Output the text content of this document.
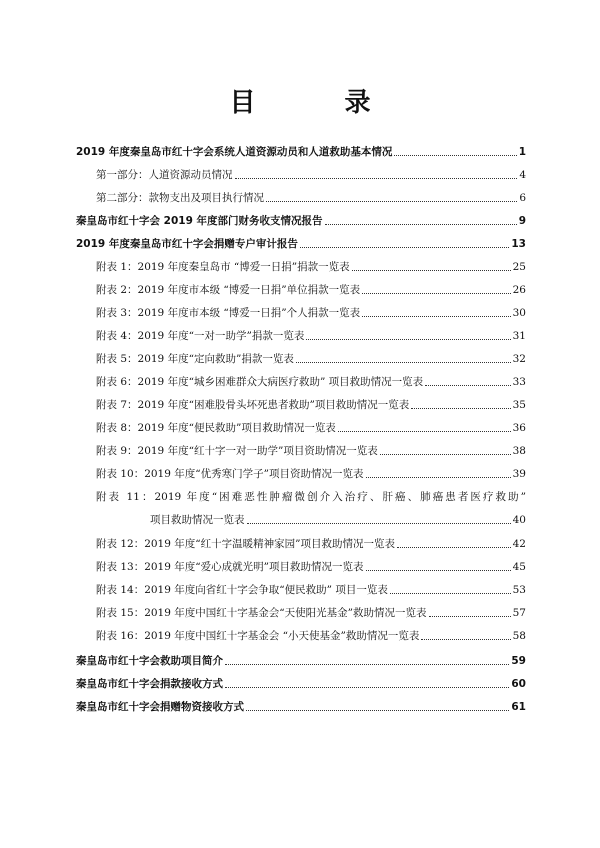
目 录
2019 年度秦皇岛市红十字会系统人道资源动员和人道救助基本情况	1
第一部分：人道资源动员情况	4
第二部分：款物支出及项目执行情况	6
秦皇岛市红十字会 2019 年度部门财务收支情况报告	9
2019 年度秦皇岛市红十字会捐赠专户审计报告	13
附表 1：2019 年度秦皇岛市 “博爱一日捐”捐款一览表	25
附表 2：2019 年度市本级 “博爱一日捐”单位捐款一览表	26
附表 3：2019 年度市本级 “博爱一日捐”个人捐款一览表	30
附表 4：2019 年度“一对一助学”捐款一览表	31
附表 5：2019 年度“定向救助”捐款一览表	32
附表 6：2019 年度“城乡困难群众大病医疗救助” 项目救助情况一览表	33
附表 7：2019 年度“困难股骨头坏死患者救助”项目救助情况一览表	35
附表 8：2019 年度“便民救助”项目救助情况一览表	36
附表 9：2019 年度“红十字一对一助学”项目资助情况一览表	38
附表 10：2019 年度“优秀寒门学子”项目资助情况一览表	39
附表 11：2019 年度“困难恶性肿瘤微创介入治疗、肝癌、肺癌患者医疗救助”
项目救助情况一览表	40
附表 12：2019 年度“红十字温暖精神家园”项目救助情况一览表	42
附表 13：2019 年度“爱心成就光明”项目救助情况一览表	45
附表 14：2019 年度向省红十字会争取“便民救助” 项目一览表	53
附表 15：2019 年度中国红十字基金会“天使阳光基金”救助情况一览表	57
附表 16：2019 年度中国红十字基金会 “小天使基金”救助情况一览表	58
秦皇岛市红十字会救助项目简介	59
秦皇岛市红十字会捐款接收方式	60
秦皇岛市红十字会捐赠物资接收方式	61
